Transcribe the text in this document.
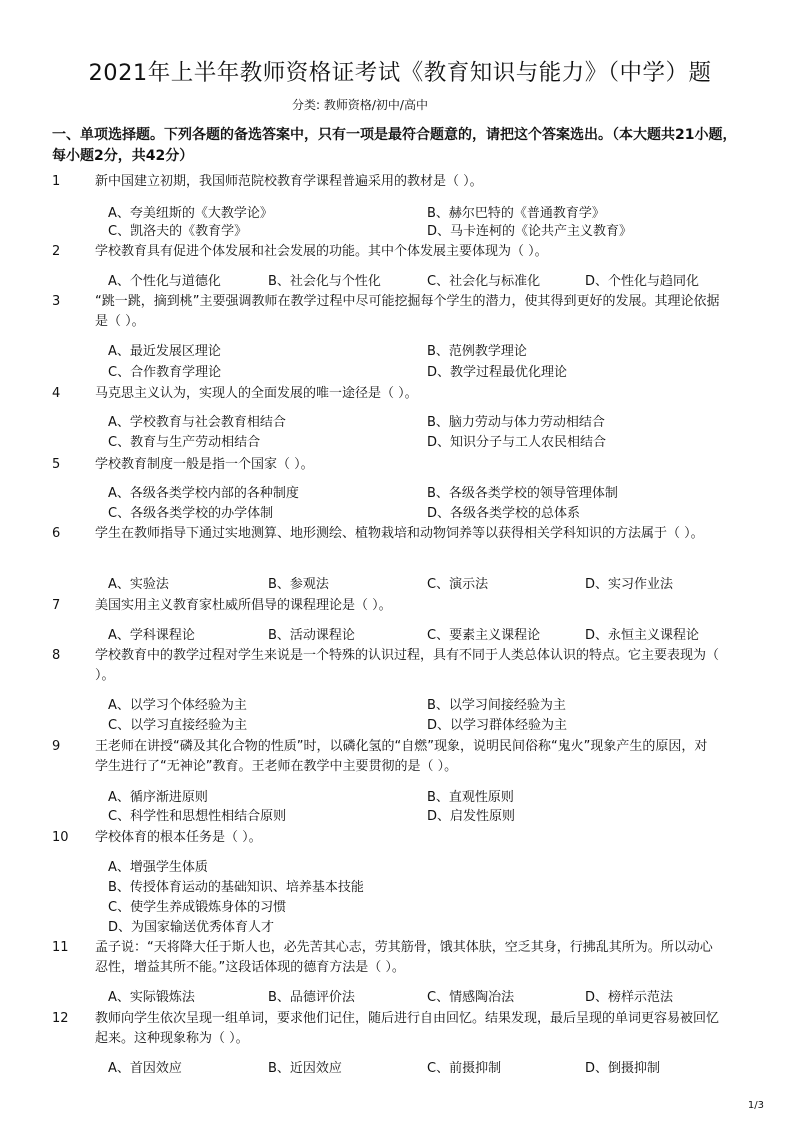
2021年上半年教师资格证考试《教育知识与能力》（中学）题
分类: 教师资格/初中/高中
一、单项选择题。下列各题的备选答案中，只有一项是最符合题意的，请把这个答案选出。（本大题共21小题，每小题2分，共42分）
1	新中国建立初期，我国师范院校教育学课程普遍采用的教材是（ ）。
A、夸美纽斯的《大教学论》	B、赫尔巴特的《普通教育学》
C、凯洛夫的《教育学》	D、马卡连柯的《论共产主义教育》
2	学校教育具有促进个体发展和社会发展的功能。其中个体发展主要体现为（ ）。
A、个性化与道德化	B、社会化与个性化	C、社会化与标准化	D、个性化与趋同化
3	“跳一跳，摘到桃”主要强调教师在教学过程中尽可能挖掘每个学生的潜力，使其得到更好的发展。其理论依据是（ ）。
A、最近发展区理论	B、范例教学理论
C、合作教育学理论	D、教学过程最优化理论
4	马克思主义认为，实现人的全面发展的唯一途径是（ ）。
A、学校教育与社会教育相结合	B、脑力劳动与体力劳动相结合
C、教育与生产劳动相结合	D、知识分子与工人农民相结合
5	学校教育制度一般是指一个国家（ ）。
A、各级各类学校内部的各种制度	B、各级各类学校的领导管理体制
C、各级各类学校的办学体制	D、各级各类学校的总体系
6	学生在教师指导下通过实地测算、地形测绘、植物栽培和动物饲养等以获得相关学科知识的方法属于（ ）。
A、实验法	B、参观法	C、演示法	D、实习作业法
7	美国实用主义教育家杜威所倡导的课程理论是（ ）。
A、学科课程论	B、活动课程论	C、要素主义课程论	D、永恒主义课程论
8	学校教育中的教学过程对学生来说是一个特殊的认识过程，具有不同于人类总体认识的特点。它主要表现为（ ）。
A、以学习个体经验为主	B、以学习间接经验为主
C、以学习直接经验为主	D、以学习群体经验为主
9	王老师在讲授“磷及其化合物的性质”时，以磷化氢的“自燃”现象，说明民间俗称“鬼火”现象产生的原因，对学生进行了“无神论”教育。王老师在教学中主要贯彻的是（ ）。
A、循序渐进原则	B、直观性原则
C、科学性和思想性相结合原则	D、启发性原则
10 学校体育的根本任务是（ ）。
A、增强学生体质
B、传授体育运动的基础知识、培养基本技能
C、使学生养成锻炼身体的习惯
D、为国家输送优秀体育人才
11 孟子说：“天将降大任于斯人也，必先苦其心志，劳其筋骨，饿其体肤，空乏其身，行拂乱其所为。所以动心忍性，增益其所不能。”这段话体现的德育方法是（ ）。
A、实际锻炼法	B、品德评价法	C、情感陶冶法	D、榜样示范法
12 教师向学生依次呈现一组单词，要求他们记住，随后进行自由回忆。结果发现，最后呈现的单词更容易被回忆起来。这种现象称为（ ）。
A、首因效应	B、近因效应	C、前摄抑制	D、倒摄抑制
1/3
